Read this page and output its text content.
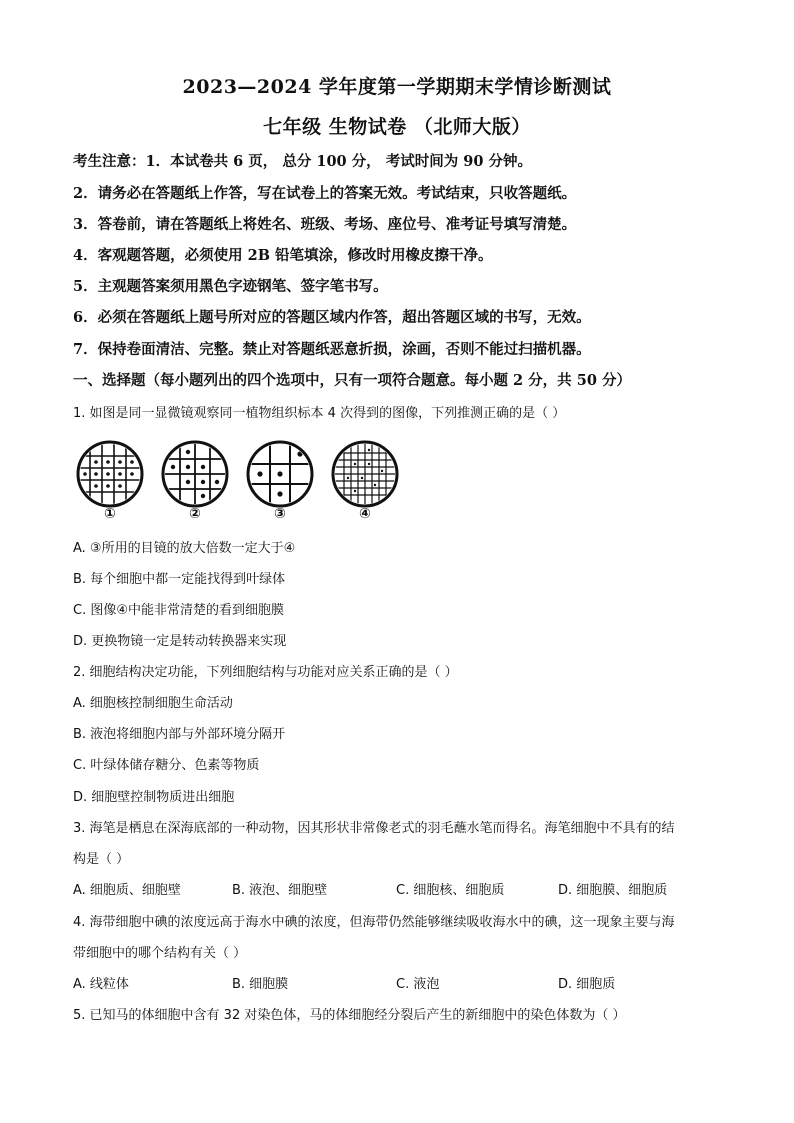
2023—2024 学年度第一学期期末学情诊断测试
七年级 生物试卷 （北师大版）
考生注意：1．本试卷共 6 页， 总分 100 分， 考试时间为 90 分钟。
2．请务必在答题纸上作答，写在试卷上的答案无效。考试结束，只收答题纸。
3．答卷前，请在答题纸上将姓名、班级、考场、座位号、准考证号填写清楚。
4．客观题答题，必须使用 2B 铅笔填涂，修改时用橡皮擦干净。
5．主观题答案须用黑色字迹钢笔、签字笔书写。
6．必须在答题纸上题号所对应的答题区域内作答，超出答题区域的书写，无效。
7．保持卷面清洁、完整。禁止对答题纸恶意折损，涂画，否则不能过扫描机器。
一、选择题（每小题列出的四个选项中，只有一项符合题意。每小题 2 分，共 50 分）
1. 如图是同一显微镜观察同一植物组织标本 4 次得到的图像，下列推测正确的是（ ）
①	②	③	④
A. ③所用的目镜的放大倍数一定大于④
B. 每个细胞中都一定能找得到叶绿体
C. 图像④中能非常清楚的看到细胞膜
D. 更换物镜一定是转动转换器来实现
2. 细胞结构决定功能，下列细胞结构与功能对应关系正确的是（ ）
A. 细胞核控制细胞生命活动
B. 液泡将细胞内部与外部环境分隔开
C. 叶绿体储存糖分、色素等物质
D. 细胞壁控制物质进出细胞
3. 海笔是栖息在深海底部的一种动物，因其形状非常像老式的羽毛蘸水笔而得名。海笔细胞中不具有的结
构是（ ）
A. 细胞质、细胞壁	B. 液泡、细胞壁	C. 细胞核、细胞质	D. 细胞膜、细胞质
4. 海带细胞中碘的浓度远高于海水中碘的浓度，但海带仍然能够继续吸收海水中的碘，这一现象主要与海
带细胞中的哪个结构有关（ ）
A. 线粒体	B. 细胞膜	C. 液泡	D. 细胞质
5. 已知马的体细胞中含有 32 对染色体，马的体细胞经分裂后产生的新细胞中的染色体数为（ ）
